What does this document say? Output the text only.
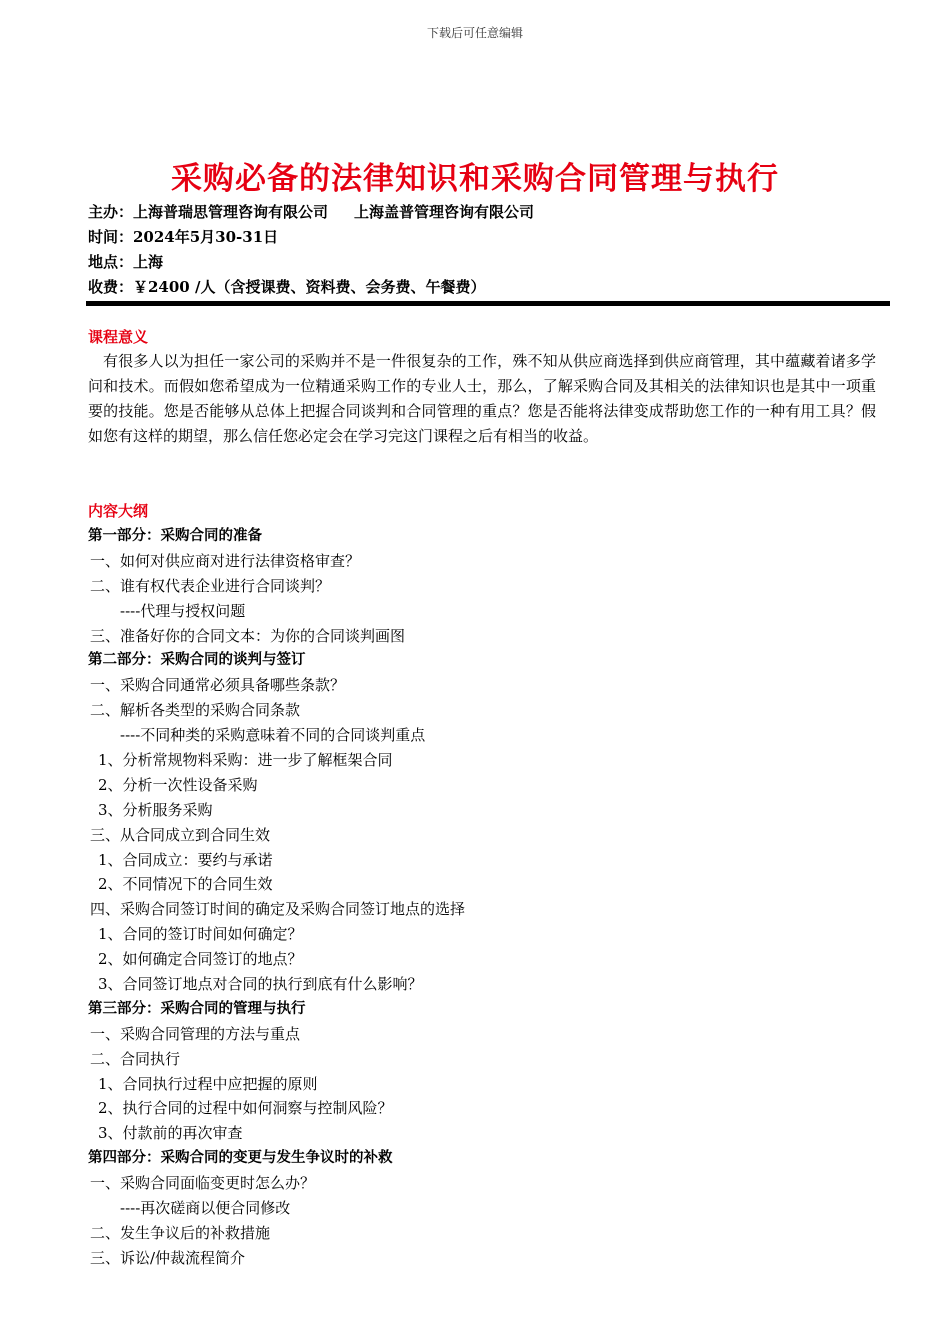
下载后可任意编辑
采购必备的法律知识和采购合同管理与执行
主办：上海普瑞思管理咨询有限公司 上海盖普管理咨询有限公司
时间：2024年5月30-31日
地点：上海
收费：￥2400 /人（含授课费、资料费、会务费、午餐费）
课程意义
有很多人以为担任一家公司的采购并不是一件很复杂的工作，殊不知从供应商选择到供应商管理，其中蕴藏着诸多学问和技术。而假如您希望成为一位精通采购工作的专业人士，那么，了解采购合同及其相关的法律知识也是其中一项重要的技能。您是否能够从总体上把握合同谈判和合同管理的重点？您是否能将法律变成帮助您工作的一种有用工具？假如您有这样的期望，那么信任您必定会在学习完这门课程之后有相当的收益。
内容大纲
第一部分：采购合同的准备
一、如何对供应商对进行法律资格审查？
二、谁有权代表企业进行合同谈判？
----代理与授权问题
三、准备好你的合同文本：为你的合同谈判画图
第二部分：采购合同的谈判与签订
一、采购合同通常必须具备哪些条款？
二、解析各类型的采购合同条款
----不同种类的采购意味着不同的合同谈判重点
1、分析常规物料采购：进一步了解框架合同
2、分析一次性设备采购
3、分析服务采购
三、从合同成立到合同生效
1、合同成立：要约与承诺
2、不同情况下的合同生效
四、采购合同签订时间的确定及采购合同签订地点的选择
1、合同的签订时间如何确定？
2、如何确定合同签订的地点？
3、合同签订地点对合同的执行到底有什么影响？
第三部分：采购合同的管理与执行
一、采购合同管理的方法与重点
二、合同执行
1、合同执行过程中应把握的原则
2、执行合同的过程中如何洞察与控制风险？
3、付款前的再次审查
第四部分：采购合同的变更与发生争议时的补救
一、采购合同面临变更时怎么办？
----再次磋商以便合同修改
二、发生争议后的补救措施
三、诉讼/仲裁流程简介
